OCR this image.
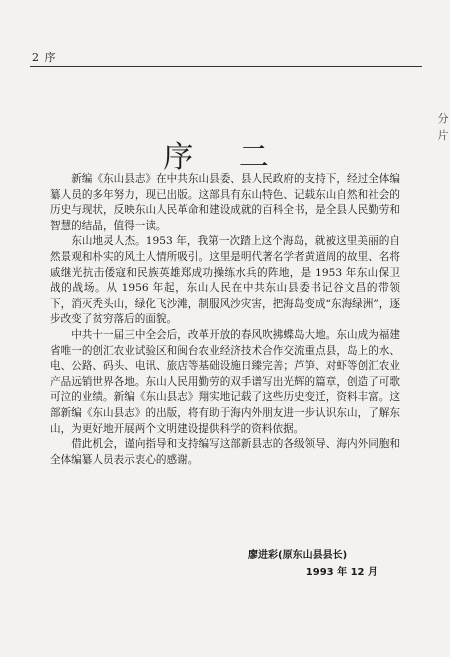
2 序
分
片
序 二

新编《东山县志》在中共东山县委、县人民政府的支持下，经过全体编纂人员的多年努力，现已出版。这部具有东山特色、记载东山自然和社会的历史与现状，反映东山人民革命和建设成就的百科全书，是全县人民勤劳和智慧的结晶，值得一读。

东山地灵人杰。1953 年，我第一次踏上这个海岛，就被这里美丽的自然景观和朴实的风土人情所吸引。这里是明代著名学者黄道周的故里、名将戚继光抗击倭寇和民族英雄郑成功操练水兵的阵地，是 1953 年东山保卫战的战场。从 1956 年起，东山人民在中共东山县委书记谷文昌的带领下，消灭秃头山，绿化飞沙滩，制服风沙灾害，把海岛变成“东海绿洲”，逐步改变了贫穷落后的面貌。

中共十一届三中全会后，改革开放的春风吹拂蝶岛大地。东山成为福建省唯一的创汇农业试验区和闽台农业经济技术合作交流重点县，岛上的水、电、公路、码头、电讯、旅店等基础设施日臻完善；芦笋、对虾等创汇农业产品远销世界各地。东山人民用勤劳的双手谱写出光辉的篇章，创造了可歌可泣的业绩。新编《东山县志》翔实地记载了这些历史变迁，资料丰富。这部新编《东山县志》的出版，将有助于海内外朋友进一步认识东山，了解东山，为更好地开展两个文明建设提供科学的资料依据。

借此机会，谨向指导和支持编写这部新县志的各级领导、海内外同胞和全体编纂人员表示衷心的感谢。

廖进彩(原东山县县长)
1993 年 12 月
